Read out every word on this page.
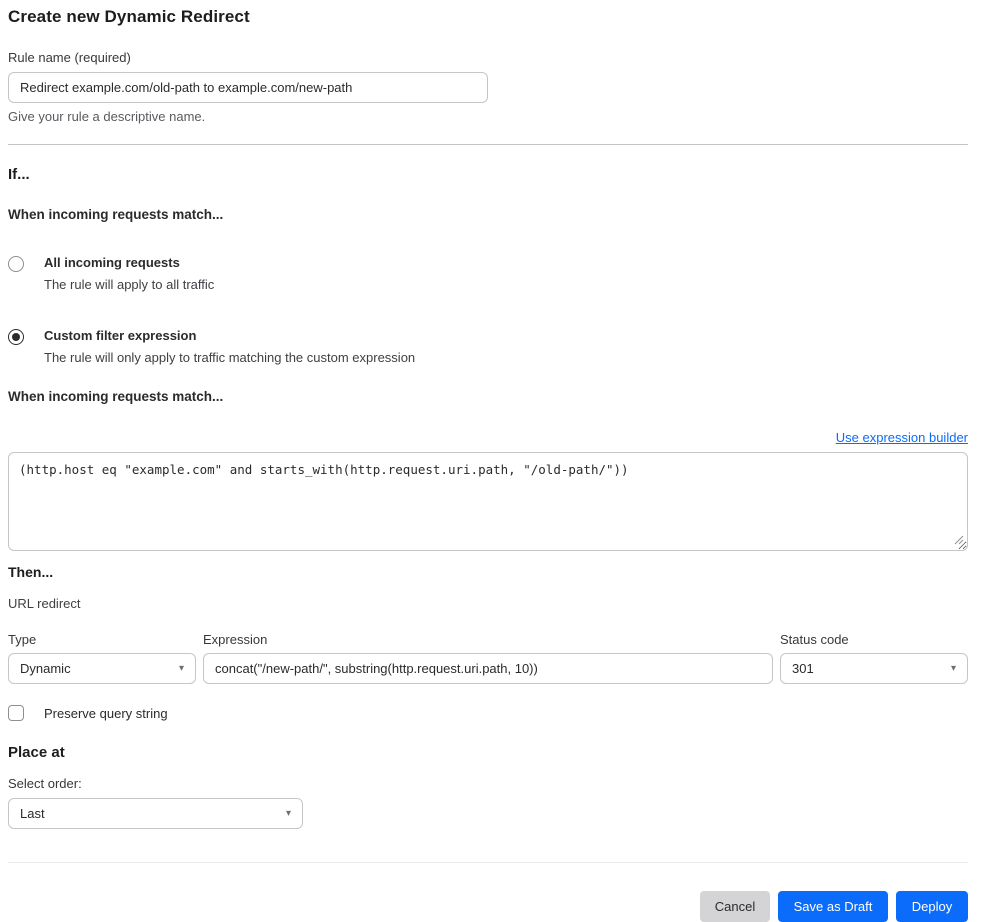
Create new Dynamic Redirect
Rule name (required)
Redirect example.com/old-path to example.com/new-path
Give your rule a descriptive name.
If...
When incoming requests match...
All incoming requests
The rule will apply to all traffic
Custom filter expression
The rule will only apply to traffic matching the custom expression
When incoming requests match...
Use expression builder
(http.host eq "example.com" and starts_with(http.request.uri.path, "/old-path/"))
Then...
URL redirect
Type
Dynamic	▾
Expression
concat("/new-path/", substring(http.request.uri.path, 10))	Status code
301	▾
Preserve query string
Place at
Select order:
Last	▾
Cancel	Save as Draft	Deploy
